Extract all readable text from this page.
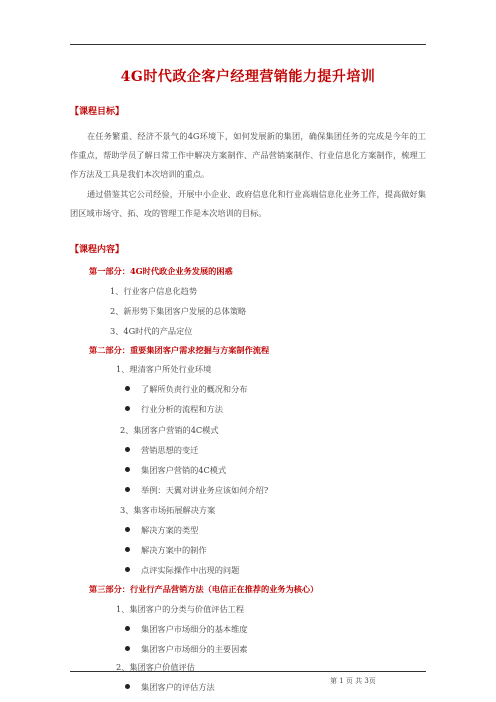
4G时代政企客户经理营销能力提升培训
【课程目标】

在任务繁重、经济不景气的4G环境下，如何发展新的集团，确保集团任务的完成是今年的工作重点，帮助学员了解日常工作中解决方案制作、产品营销案制作、行业信息化方案制作，梳理工作方法及工具是我们本次培训的重点。

通过借鉴其它公司经验，开展中小企业、政府信息化和行业高端信息化业务工作，提高做好集团区域市场守、拓、攻的管理工作是本次培训的目标。

【课程内容】
第一部分：4G时代政企业务发展的困惑
1、行业客户信息化趋势
2、新形势下集团客户发展的总体策略
3、4G时代的产品定位
第二部分：重要集团客户需求挖掘与方案制作流程
1、理清客户所处行业环境
了解所负责行业的概况和分布
行业分析的流程和方法
2、集团客户营销的4C模式
营销思想的变迁
集团客户营销的4C模式
举例：天翼对讲业务应该如何介绍?
3、集客市场拓展解决方案
解决方案的类型
解决方案中的制作
点评实际操作中出现的问题
第三部分：行业行产品营销方法（电信正在推荐的业务为核心）
1、集团客户的分类与价值评估工程
集团客户市场细分的基本维度
集团客户市场细分的主要因素
2、集团客户价值评估
集团客户的评估方法
第 1 页 共 3页
